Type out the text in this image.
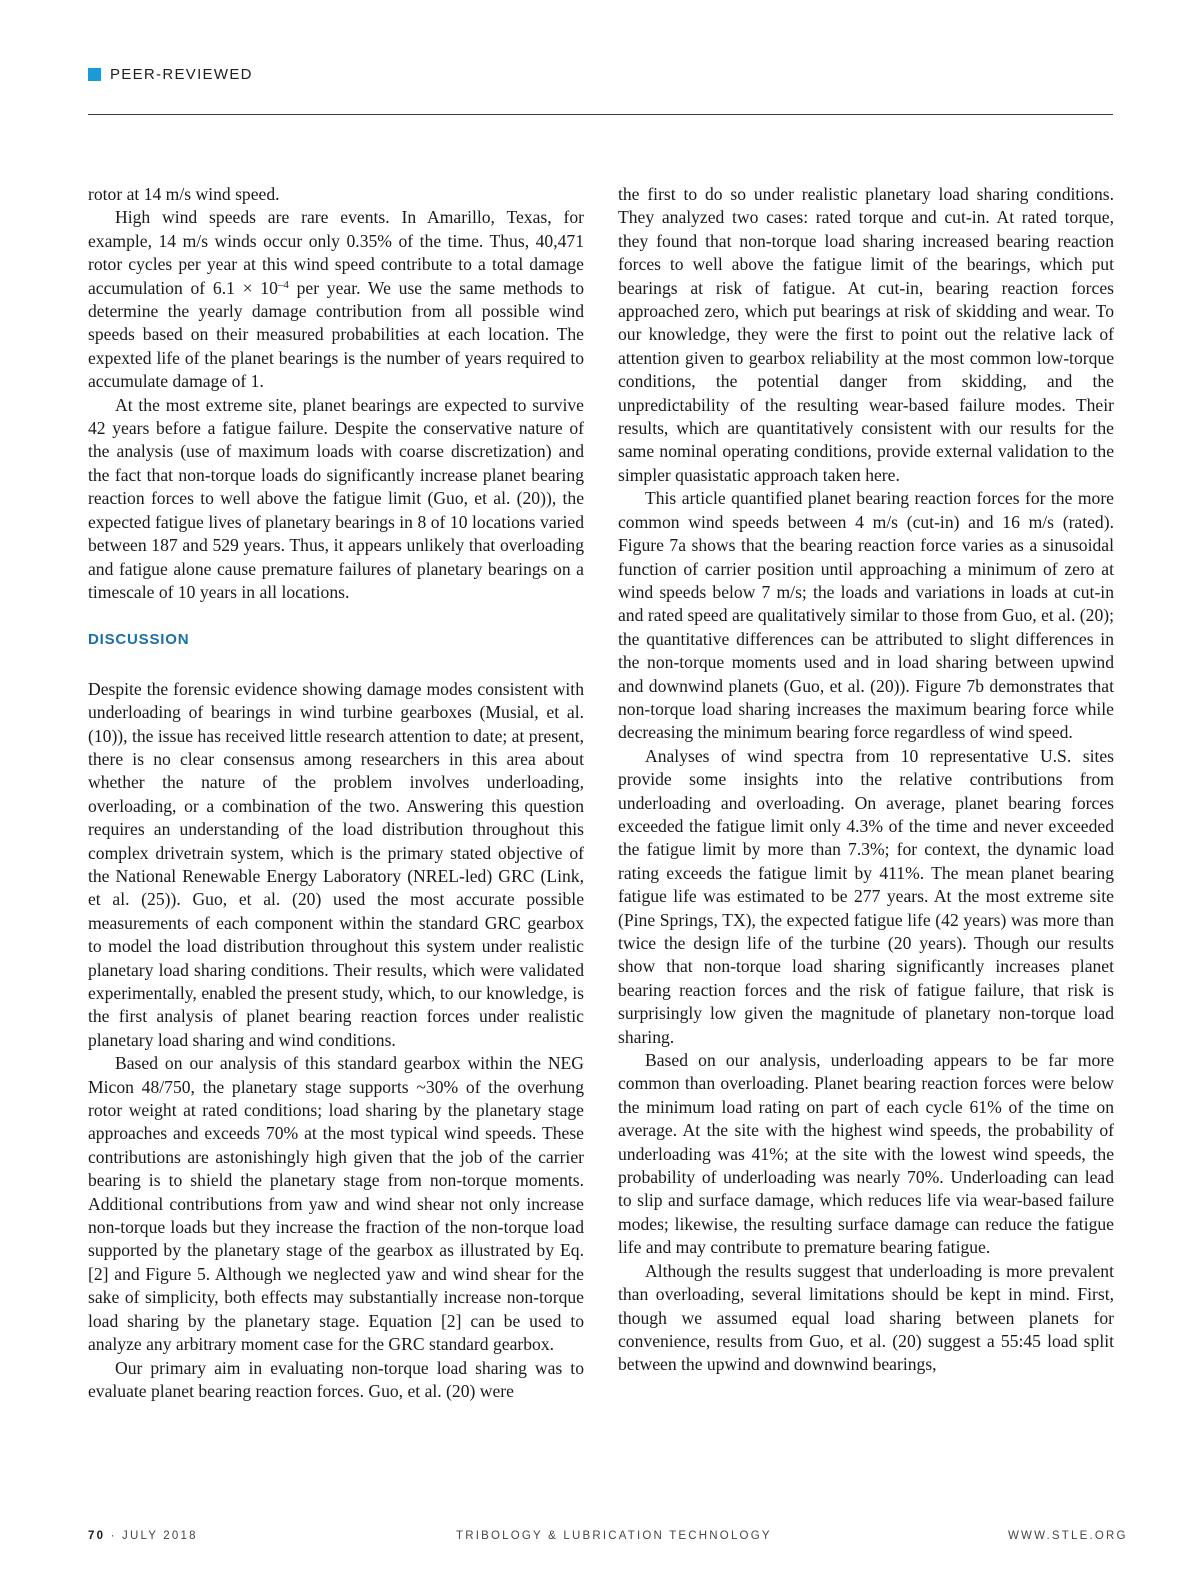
PEER-REVIEWED

rotor at 14 m/s wind speed.

High wind speeds are rare events. In Amarillo, Texas, for example, 14 m/s winds occur only 0.35% of the time. Thus, 40,471 rotor cycles per year at this wind speed contribute to a total damage accumulation of $6.1 \times 10^{-4}$ per year. We use the same methods to determine the yearly damage contribution from all possible wind speeds based on their measured probabilities at each location. The expexted life of the planet bearings is the number of years required to accumulate damage of 1.

At the most extreme site, planet bearings are expected to survive 42 years before a fatigue failure. Despite the conservative nature of the analysis (use of maximum loads with coarse discretization) and the fact that non-torque loads do significantly increase planet bearing reaction forces to well above the fatigue limit (Guo, et al. (20)), the expected fatigue lives of planetary bearings in 8 of 10 locations varied between 187 and 529 years. Thus, it appears unlikely that overloading and fatigue alone cause premature failures of planetary bearings on a timescale of 10 years in all locations.

DISCUSSION

Despite the forensic evidence showing damage modes consistent with underloading of bearings in wind turbine gearboxes (Musial, et al. (10)), the issue has received little research attention to date; at present, there is no clear consensus among researchers in this area about whether the nature of the problem involves underloading, overloading, or a combination of the two. Answering this question requires an understanding of the load distribution throughout this complex drivetrain system, which is the primary stated objective of the National Renewable Energy Laboratory (NREL-led) GRC (Link, et al. (25)). Guo, et al. (20) used the most accurate possible measurements of each component within the standard GRC gearbox to model the load distribution throughout this system under realistic planetary load sharing conditions. Their results, which were validated experimentally, enabled the present study, which, to our knowledge, is the first analysis of planet bearing reaction forces under realistic planetary load sharing and wind conditions.

Based on our analysis of this standard gearbox within the NEG Micon 48/750, the planetary stage supports ~30% of the overhung rotor weight at rated conditions; load sharing by the planetary stage approaches and exceeds 70% at the most typical wind speeds. These contributions are astonishingly high given that the job of the carrier bearing is to shield the planetary stage from non-torque moments. Additional contributions from yaw and wind shear not only increase non-torque loads but they increase the fraction of the non-torque load supported by the planetary stage of the gearbox as illustrated by Eq. [2] and Figure 5. Although we neglected yaw and wind shear for the sake of simplicity, both effects may substantially increase non-torque load sharing by the planetary stage. Equation [2] can be used to analyze any arbitrary moment case for the GRC standard gearbox.

Our primary aim in evaluating non-torque load sharing was to evaluate planet bearing reaction forces. Guo, et al. (20) were

the first to do so under realistic planetary load sharing conditions. They analyzed two cases: rated torque and cut-in. At rated torque, they found that non-torque load sharing increased bearing reaction forces to well above the fatigue limit of the bearings, which put bearings at risk of fatigue. At cut-in, bearing reaction forces approached zero, which put bearings at risk of skidding and wear. To our knowledge, they were the first to point out the relative lack of attention given to gearbox reliability at the most common low-torque conditions, the potential danger from skidding, and the unpredictability of the resulting wear-based failure modes. Their results, which are quantitatively consistent with our results for the same nominal operating conditions, provide external validation to the simpler quasistatic approach taken here.

This article quantified planet bearing reaction forces for the more common wind speeds between 4 m/s (cut-in) and 16 m/s (rated). Figure 7a shows that the bearing reaction force varies as a sinusoidal function of carrier position until approaching a minimum of zero at wind speeds below 7 m/s; the loads and variations in loads at cut-in and rated speed are qualitatively similar to those from Guo, et al. (20); the quantitative differences can be attributed to slight differences in the non-torque moments used and in load sharing between upwind and downwind planets (Guo, et al. (20)). Figure 7b demonstrates that non-torque load sharing increases the maximum bearing force while decreasing the minimum bearing force regardless of wind speed.

Analyses of wind spectra from 10 representative U.S. sites provide some insights into the relative contributions from underloading and overloading. On average, planet bearing forces exceeded the fatigue limit only 4.3% of the time and never exceeded the fatigue limit by more than 7.3%; for context, the dynamic load rating exceeds the fatigue limit by 411%. The mean planet bearing fatigue life was estimated to be 277 years. At the most extreme site (Pine Springs, TX), the expected fatigue life (42 years) was more than twice the design life of the turbine (20 years). Though our results show that non-torque load sharing significantly increases planet bearing reaction forces and the risk of fatigue failure, that risk is surprisingly low given the magnitude of planetary non-torque load sharing.

Based on our analysis, underloading appears to be far more common than overloading. Planet bearing reaction forces were below the minimum load rating on part of each cycle 61% of the time on average. At the site with the highest wind speeds, the probability of underloading was 41%; at the site with the lowest wind speeds, the probability of underloading was nearly 70%. Underloading can lead to slip and surface damage, which reduces life via wear-based failure modes; likewise, the resulting surface damage can reduce the fatigue life and may contribute to premature bearing fatigue.

Although the results suggest that underloading is more prevalent than overloading, several limitations should be kept in mind. First, though we assumed equal load sharing between planets for convenience, results from Guo, et al. (20) suggest a 55:45 load split between the upwind and downwind bearings,

70 · JULY 2018	TRIBOLOGY & LUBRICATION TECHNOLOGY	WWW.STLE.ORG
